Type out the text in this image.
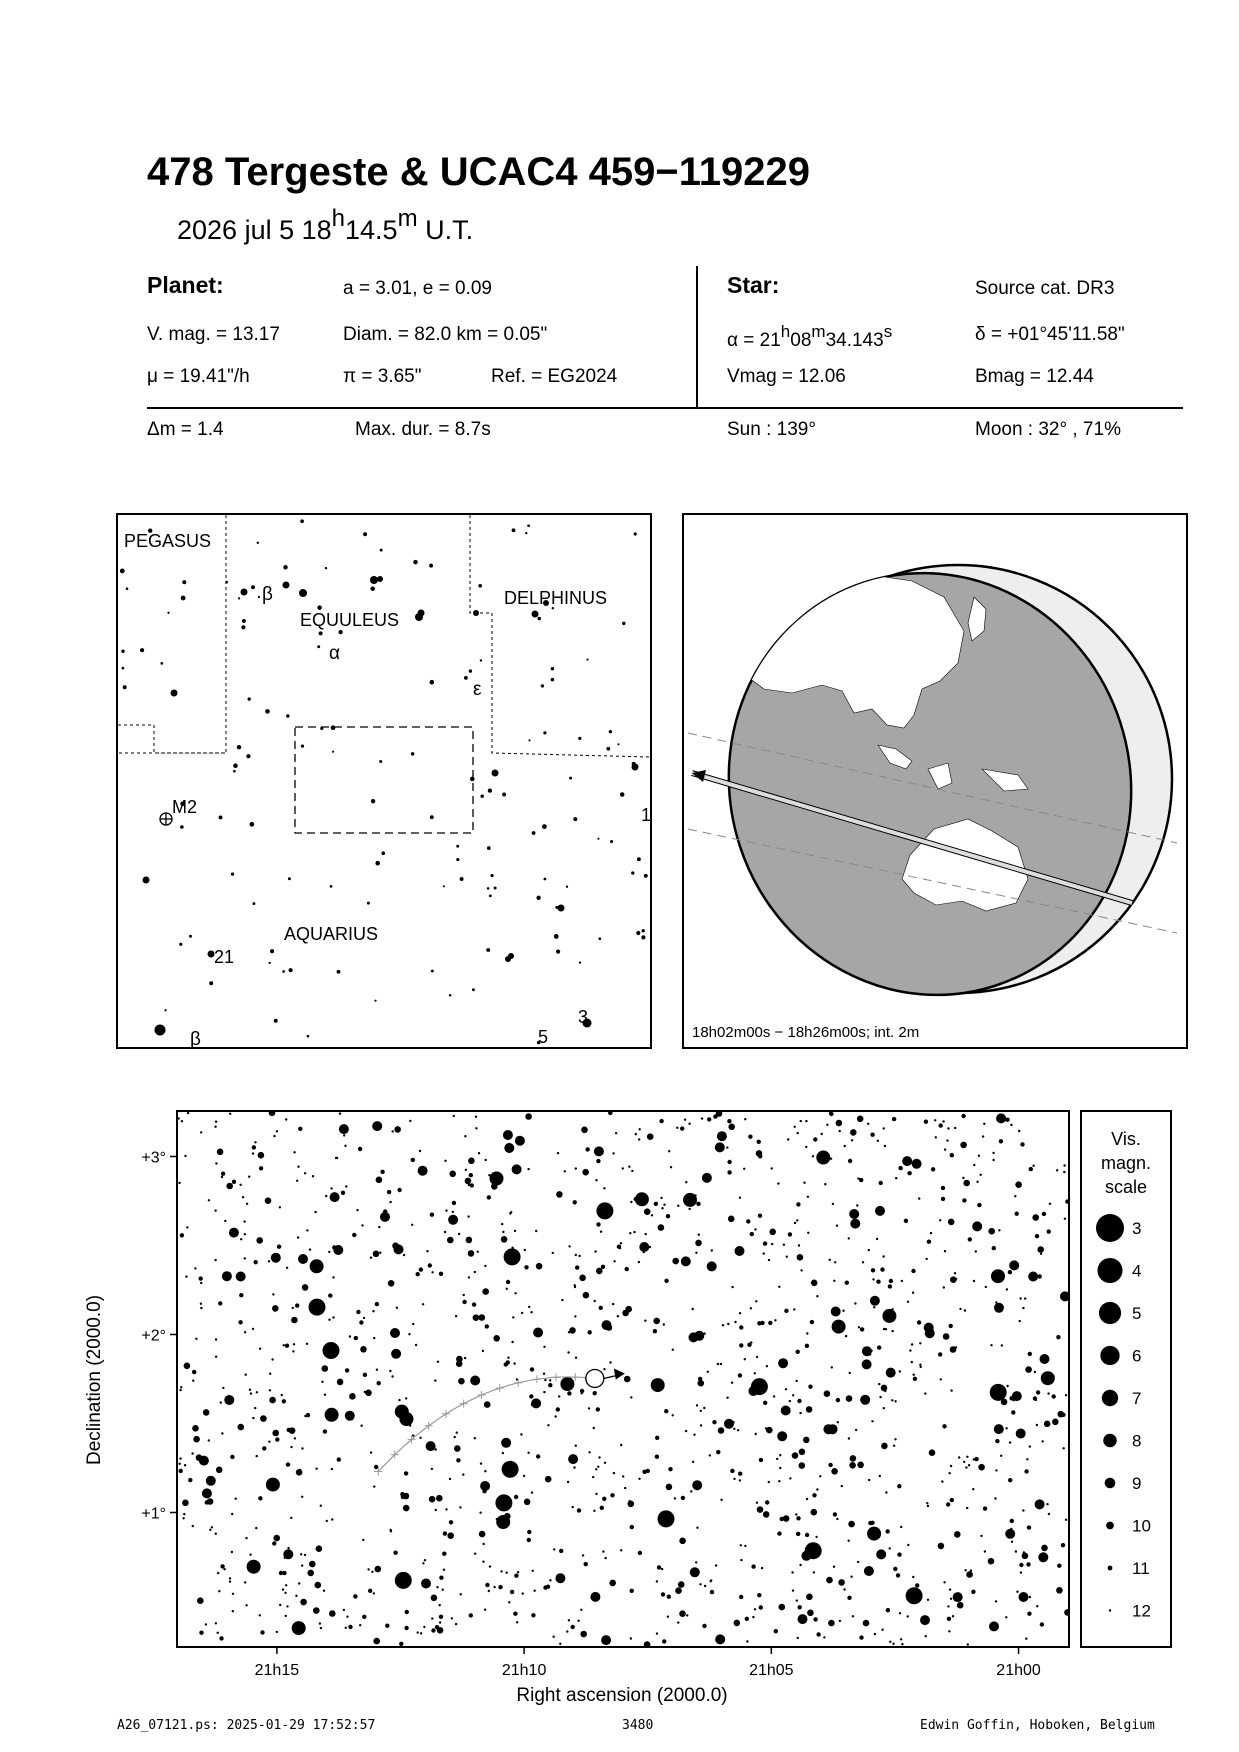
478 Tergeste & UCAC4 459−119229
2026 jul 5 18$^h$14.5$^m$ U.T.
Planet:	a = 3.01, e = 0.09
V. mag. = 13.17	Diam. = 82.0 km = 0.05"
μ = 19.41"/h	π = 3.65"	Ref. = EG2024
Star:	Source cat. DR3
$\alpha = 21^h08^m34.143^s$	δ = +01°45'11.58"
Vmag = 12.06	Bmag = 12.44
Δm = 1.4	Max. dur. = 8.7s	Sun : 139°	Moon : 32° , 71%
PEGASUS
EQUULEUS
DELPHINUS
AQUARIUS
β
α
ε
M2	1
21
β	5
3
18h02m00s − 18h26m00s; int. 2m
21h15	21h10	21h05	21h00
+3°
+2°
+1°
Right ascension (2000.0)
Declination (2000.0)
Vis.
magn.
scale
3
4
5
6
7
8
9
10
11
12
A26_07121.ps: 2025-01-29 17:52:57	3480	Edwin Goffin, Hoboken, Belgium
